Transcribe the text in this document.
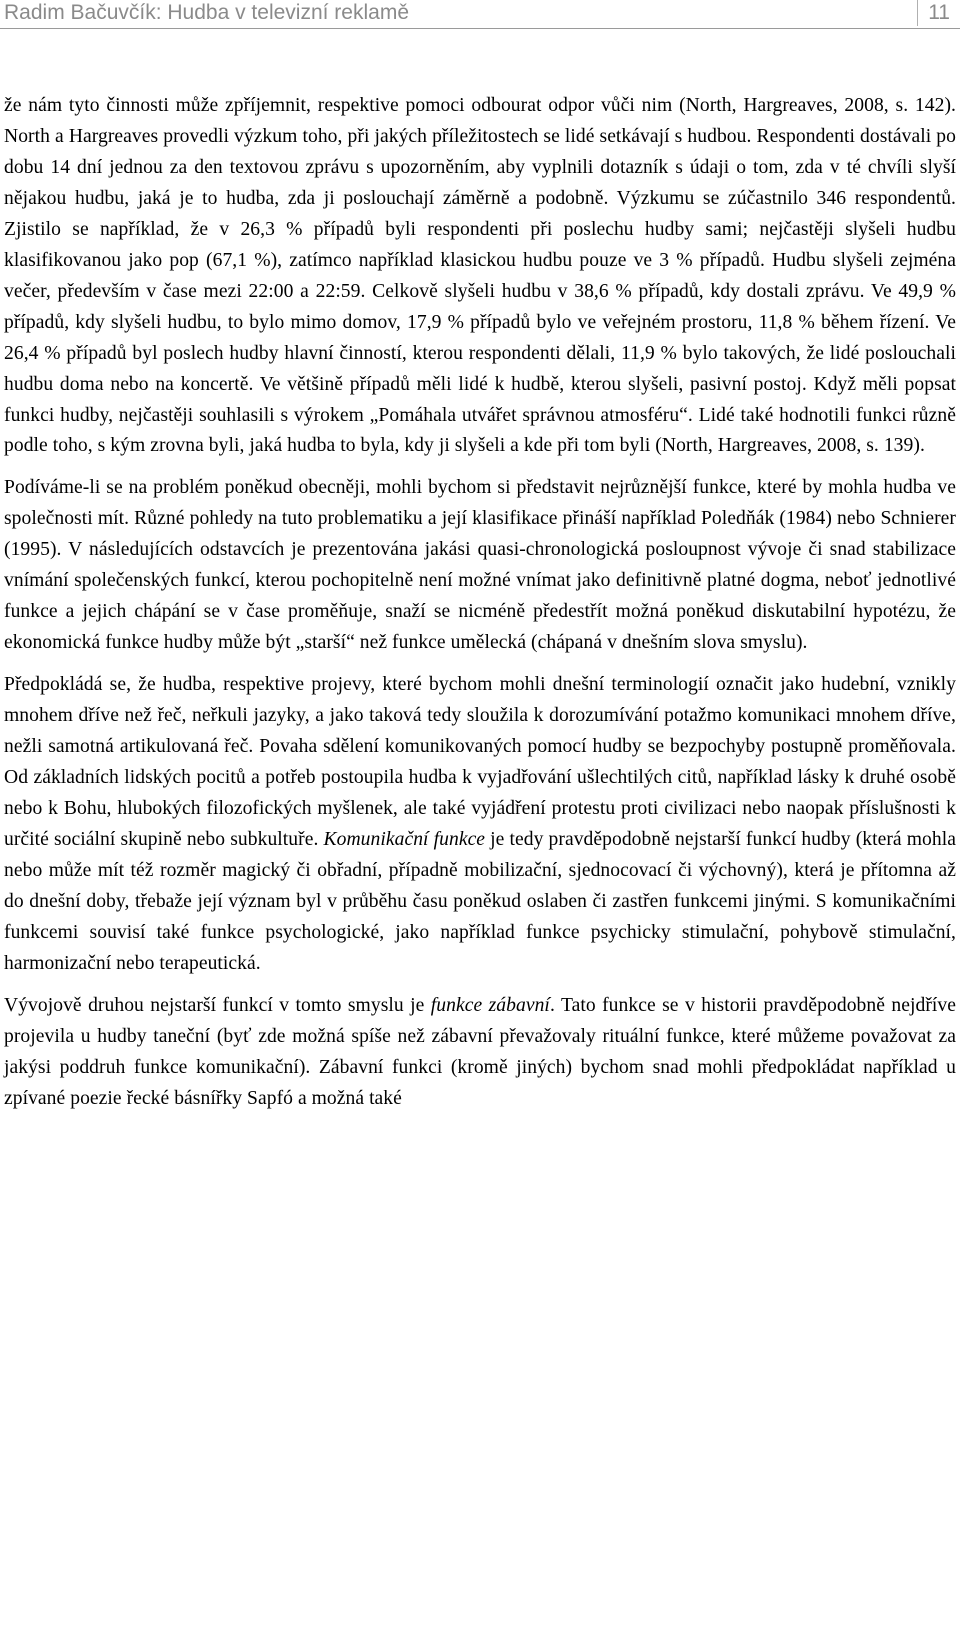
Radim Bačuvčík: Hudba v televizní reklamě	11

že nám tyto činnosti může zpříjemnit, respektive pomoci odbourat odpor vůči nim (North, Hargreaves, 2008, s. 142). North a Hargreaves provedli výzkum toho, při jakých příležitostech se lidé setkávají s hudbou. Respondenti dostávali po dobu 14 dní jednou za den textovou zprávu s upozorněním, aby vyplnili dotazník s údaji o tom, zda v té chvíli slyší nějakou hudbu, jaká je to hudba, zda ji poslouchají záměrně a podobně. Výzkumu se zúčastnilo 346 respondentů. Zjistilo se například, že v 26,3 % případů byli respondenti při poslechu hudby sami; nejčastěji slyšeli hudbu klasifikovanou jako pop (67,1 %), zatímco například klasickou hudbu pouze ve 3 % případů. Hudbu slyšeli zejména večer, především v čase mezi 22:00 a 22:59. Celkově slyšeli hudbu v 38,6 % případů, kdy dostali zprávu. Ve 49,9 % případů, kdy slyšeli hudbu, to bylo mimo domov, 17,9 % případů bylo ve veřejném prostoru, 11,8 % během řízení. Ve 26,4 % případů byl poslech hudby hlavní činností, kterou respondenti dělali, 11,9 % bylo takových, že lidé poslouchali hudbu doma nebo na koncertě. Ve většině případů měli lidé k hudbě, kterou slyšeli, pasivní postoj. Když měli popsat funkci hudby, nejčastěji souhlasili s výrokem „Pomáhala utvářet správnou atmosféru“. Lidé také hodnotili funkci různě podle toho, s kým zrovna byli, jaká hudba to byla, kdy ji slyšeli a kde při tom byli (North, Hargreaves, 2008, s. 139).

Podíváme-li se na problém poněkud obecněji, mohli bychom si představit nejrůznější funkce, které by mohla hudba ve společnosti mít. Různé pohledy na tuto problematiku a její klasifikace přináší například Poledňák (1984) nebo Schnierer (1995). V následujících odstavcích je prezentována jakási quasi-chronologická posloupnost vývoje či snad stabilizace vnímání společenských funkcí, kterou pochopitelně není možné vnímat jako definitivně platné dogma, neboť jednotlivé funkce a jejich chápání se v čase proměňuje, snaží se nicméně předestřít možná poněkud diskutabilní hypotézu, že ekonomická funkce hudby může být „starší“ než funkce umělecká (chápaná v dnešním slova smyslu).

Předpokládá se, že hudba, respektive projevy, které bychom mohli dnešní terminologií označit jako hudební, vznikly mnohem dříve než řeč, neřkuli jazyky, a jako taková tedy sloužila k dorozumívání potažmo komunikaci mnohem dříve, nežli samotná artikulovaná řeč. Povaha sdělení komunikovaných pomocí hudby se bezpochyby postupně proměňovala. Od základních lidských pocitů a potřeb postoupila hudba k vyjadřování ušlechtilých citů, například lásky k druhé osobě nebo k Bohu, hlubokých filozofických myšlenek, ale také vyjádření protestu proti civilizaci nebo naopak příslušnosti k určité sociální skupině nebo subkultuře. Komunikační funkce je tedy pravděpodobně nejstarší funkcí hudby (která mohla nebo může mít též rozměr magický či obřadní, případně mobilizační, sjednocovací či výchovný), která je přítomna až do dnešní doby, třebaže její význam byl v průběhu času poněkud oslaben či zastřen funkcemi jinými. S komunikačními funkcemi souvisí také funkce psychologické, jako například funkce psychicky stimulační, pohybově stimulační, harmonizační nebo terapeutická.

Vývojově druhou nejstarší funkcí v tomto smyslu je funkce zábavní. Tato funkce se v historii pravděpodobně nejdříve projevila u hudby taneční (byť zde možná spíše než zábavní převažovaly rituální funkce, které můžeme považovat za jakýsi poddruh funkce komunikační). Zábavní funkci (kromě jiných) bychom snad mohli předpokládat například u zpívané poezie řecké básnířky Sapfó a možná také
